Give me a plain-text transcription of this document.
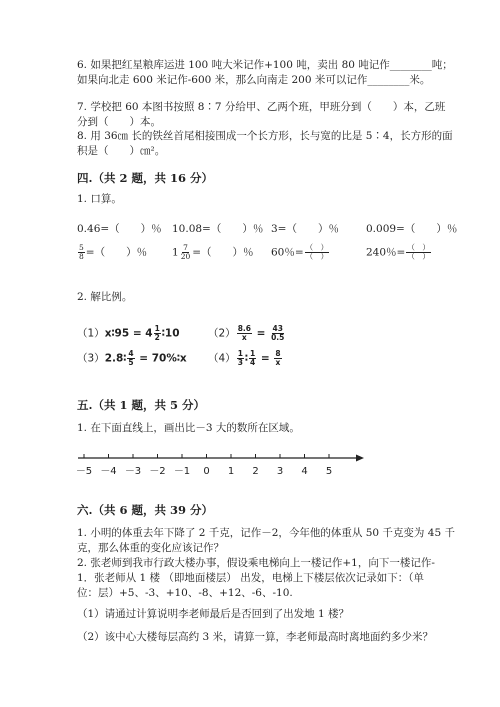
6. 如果把红星粮库运进 100 吨大米记作+100 吨，卖出 80 吨记作________吨；
如果向北走 600 米记作-600 米，那么向南走 200 米可以记作________米。
7. 学校把 60 本图书按照 8∶7 分给甲、乙两个班，甲班分到（　　）本，乙班
分到（　　）本。
8. 用 36㎝ 长的铁丝首尾相接围成一个长方形，长与宽的比是 5∶4，长方形的面
积是（　　）㎝²。
四.（共 2 题，共 16 分）
1. 口算。
0.46=（　　）％ 10.08=（　　）％ 3=（　　）％	0.009=（　　）％
$\frac{5}{8}$ =（　　）％ $1 \frac{7}{20}$ =（　　）％ 60％= $\frac{( )}{( )}$	240％= $\frac{( )}{( )}$
2. 解比例。
（1）x∶95 = $4 \frac{1}{2}$ ∶10	$(2) \frac{8.6}{x} = \frac{43}{0.5}$
（3）2.8∶ $\frac{4}{5}$ = 70%∶x $(4) \frac{1}{3}$ ∶ $\frac{1}{4} = \frac{8}{x}$
五.（共 1 题，共 5 分）
1. 在下面直线上，画出比－3 大的数所在区域。
－5 －4 －3 －2 －1 0 1 2 3 4 5
六.（共 6 题，共 39 分）
1. 小明的体重去年下降了 2 千克，记作－2，今年他的体重从 50 千克变为 45 千
克，那么体重的变化应该记作？
2. 张老师到我市行政大楼办事，假设乘电梯向上一楼记作+1，向下一楼记作-
1．张老师从 1 楼 （即地面楼层） 出发，电梯上下楼层依次记录如下：（单
位：层）+5、-3、+10、-8、+12、-6、-10.
（1）请通过计算说明李老师最后是否回到了出发地 1 楼？
（2）该中心大楼每层高约 3 米，请算一算，李老师最高时离地面约多少米？
